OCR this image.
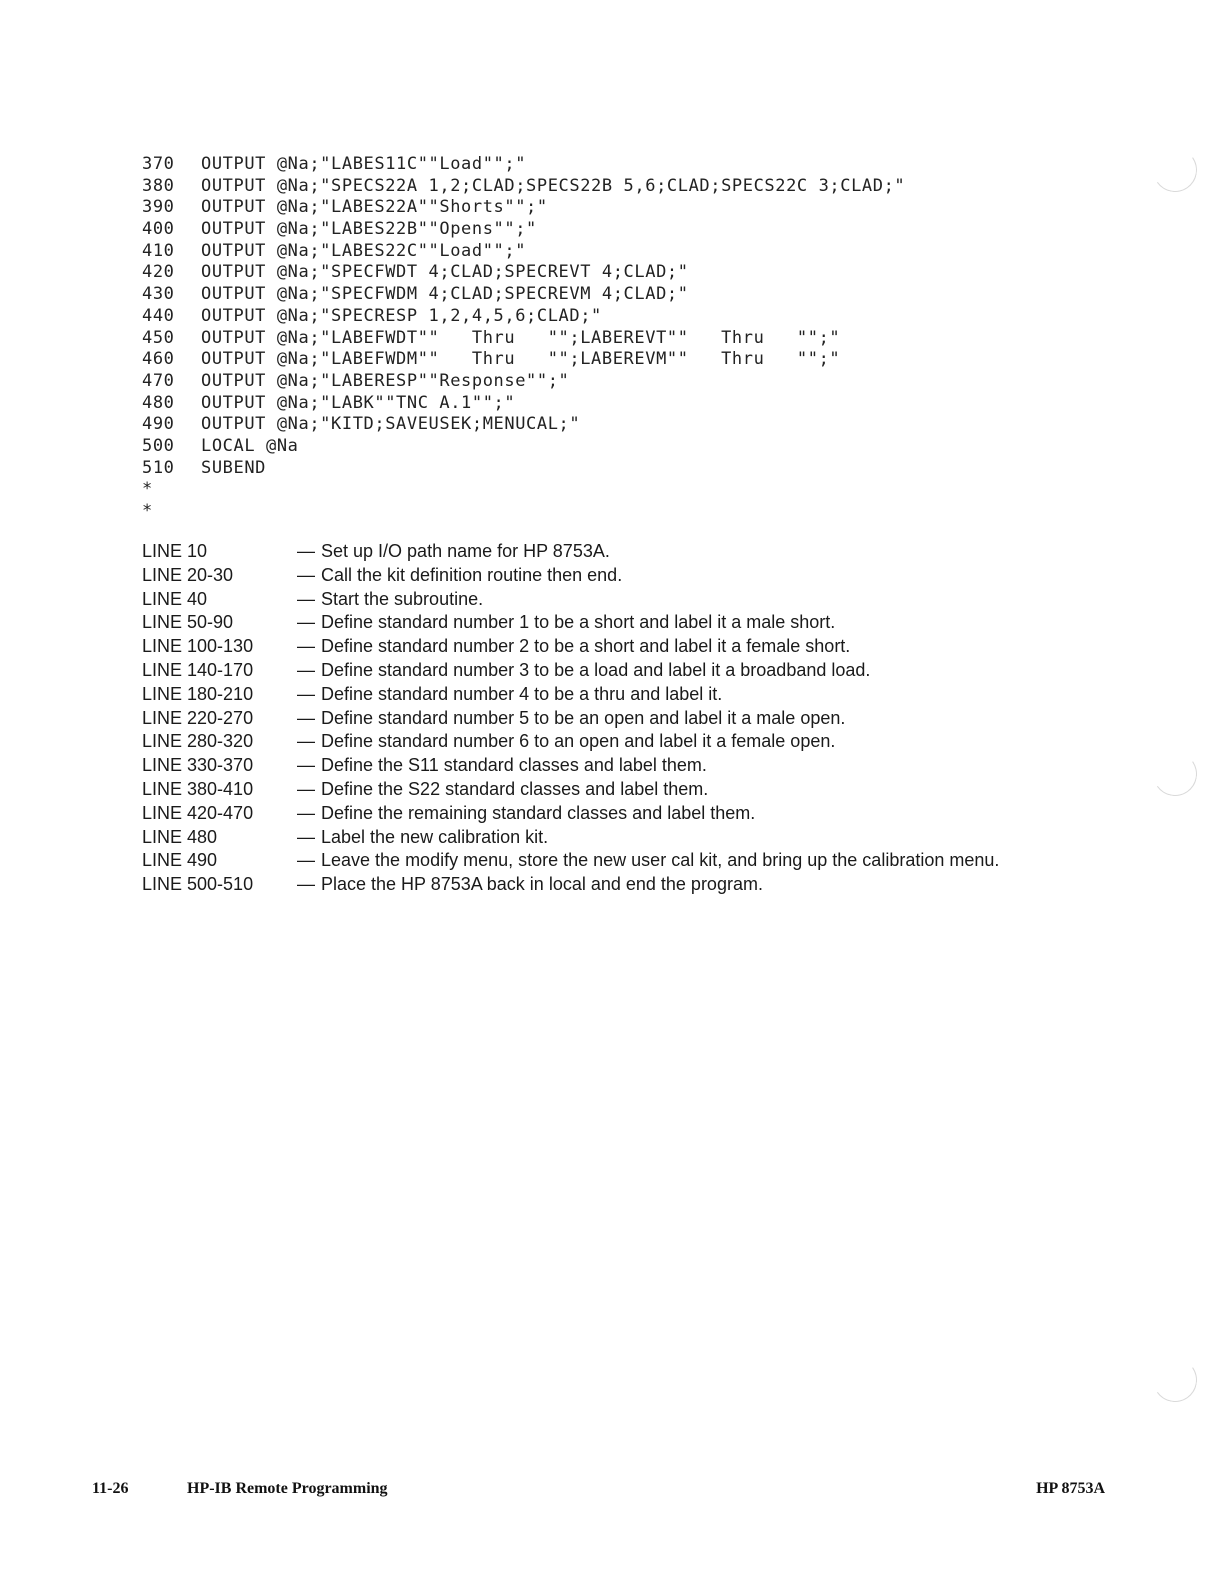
370 OUTPUT @Na;"LABES11C""Load"";"
380 OUTPUT @Na;"SPECS22A 1,2;CLAD;SPECS22B 5,6;CLAD;SPECS22C 3;CLAD;"
390 OUTPUT @Na;"LABES22A""Shorts"";"
400 OUTPUT @Na;"LABES22B""Opens"";"
410 OUTPUT @Na;"LABES22C""Load"";"
420 OUTPUT @Na;"SPECFWDT 4;CLAD;SPECREVT 4;CLAD;"
430 OUTPUT @Na;"SPECFWDM 4;CLAD;SPECREVM 4;CLAD;"
440 OUTPUT @Na;"SPECRESP 1,2,4,5,6;CLAD;"
450 OUTPUT @Na;"LABEFWDT""   Thru   "";LABEREVT""   Thru   "";"
460 OUTPUT @Na;"LABEFWDM""   Thru   "";LABEREVM""   Thru   "";"
470 OUTPUT @Na;"LABERESP""Response"";"
480 OUTPUT @Na;"LABK""TNC A.1"";"
490 OUTPUT @Na;"KITD;SAVEUSEK;MENUCAL;"
500 LOCAL @Na
510 SUBEND
*
*
LINE 10	— Set up I/O path name for HP 8753A.
LINE 20-30	— Call the kit definition routine then end.
LINE 40	— Start the subroutine.
LINE 50-90	— Define standard number 1 to be a short and label it a male short.
LINE 100-130	— Define standard number 2 to be a short and label it a female short.
LINE 140-170	— Define standard number 3 to be a load and label it a broadband load.
LINE 180-210	— Define standard number 4 to be a thru and label it.
LINE 220-270	— Define standard number 5 to be an open and label it a male open.
LINE 280-320	— Define standard number 6 to an open and label it a female open.
LINE 330-370	— Define the S11 standard classes and label them.
LINE 380-410	— Define the S22 standard classes and label them.
LINE 420-470	— Define the remaining standard classes and label them.
LINE 480	— Label the new calibration kit.
LINE 490	— Leave the modify menu, store the new user cal kit, and bring up the calibration menu.
LINE 500-510	— Place the HP 8753A back in local and end the program.
11-26	HP-IB Remote Programming	HP 8753A
